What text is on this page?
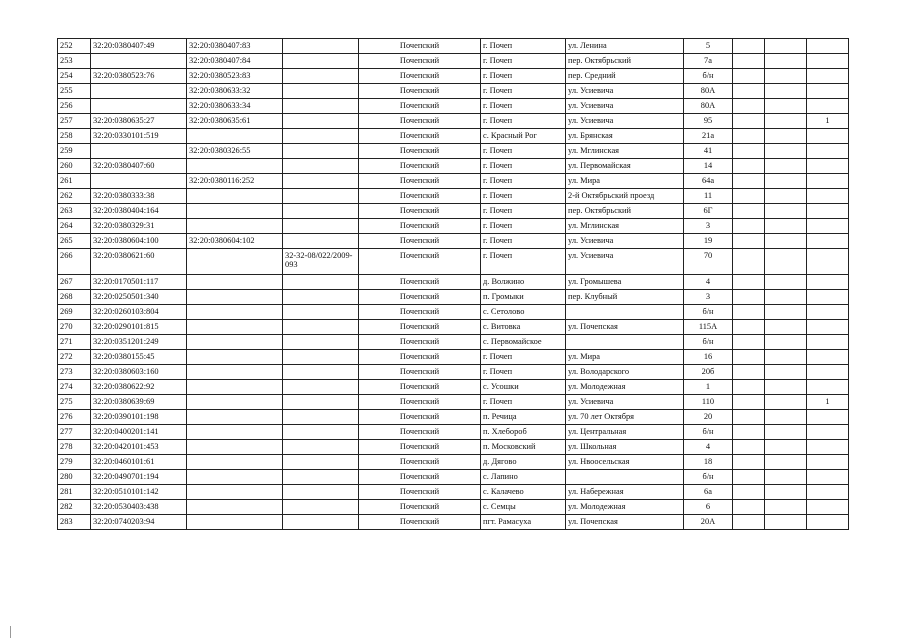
252	32:20:0380407:49	32:20:0380407:83		Почепский	г. Почеп	ул. Ленина	5			
253		32:20:0380407:84		Почепский	г. Почеп	пер. Октябрьский	7а			
254	32:20:0380523:76	32:20:0380523:83		Почепский	г. Почеп	пер. Средний	б/н			
255		32:20:0380633:32		Почепский	г. Почеп	ул. Усиевича	80А			
256		32:20:0380633:34		Почепский	г. Почеп	ул. Усиевича	80А			
257	32:20:0380635:27	32:20:0380635:61		Почепский	г. Почеп	ул. Усиевича	95			1
258	32:20:0330101:519			Почепский	с. Красный Рог	ул. Брянская	21а			
259		32:20:0380326:55		Почепский	г. Почеп	ул. Мглинская	41			
260	32:20:0380407:60			Почепский	г. Почеп	ул. Первомайская	14			
261		32:20:0380116:252		Почепский	г. Почеп	ул. Мира	64а			
262	32:20:0380333:38			Почепский	г. Почеп	2-й Октябрьский проезд	11			
263	32:20:0380404:164			Почепский	г. Почеп	пер. Октябрьский	6Г			
264	32:20:0380329:31			Почепский	г. Почеп	ул. Мглинская	3			
265	32:20:0380604:100	32:20:0380604:102		Почепский	г. Почеп	ул. Усиевича	19			
266	32:20:0380621:60		32-32-08/022/2009-093	Почепский	г. Почеп	ул. Усиевича	70			
267	32:20:0170501:117			Почепский	д. Волжино	ул. Громышева	4			
268	32:20:0250501:340			Почепский	п. Громыки	пер. Клубный	3			
269	32:20:0260103:804			Почепский	с. Сетолово		б/н			
270	32:20:0290101:815			Почепский	с. Витовка	ул. Почепская	115А			
271	32:20:0351201:249			Почепский	с. Первомайское		б/н			
272	32:20:0380155:45			Почепский	г. Почеп	ул. Мира	16			
273	32:20:0380603:160			Почепский	г. Почеп	ул. Володарского	20б			
274	32:20:0380622:92			Почепский	с. Усошки	ул. Молодежная	1			
275	32:20:0380639:69			Почепский	г. Почеп	ул. Усиевича	110			1
276	32:20:0390101:198			Почепский	п. Речица	ул. 70 лет Октября	20			
277	32:20:0400201:141			Почепский	п. Хлебороб	ул. Центральная	б/н			
278	32:20:0420101:453			Почепский	п. Московский	ул. Школьная	4			
279	32:20:0460101:61			Почепский	д. Дягово	ул. Нвоосельская	18			
280	32:20:0490701:194			Почепский	с. Лапино		б/н			
281	32:20:0510101:142			Почепский	с. Калачево	ул. Набережная	6а			
282	32:20:0530403:438			Почепский	с. Семцы	ул. Молодежная	6			
283	32:20:0740203:94			Почепский	пгт. Рамасуха	ул. Почепская	20А			
